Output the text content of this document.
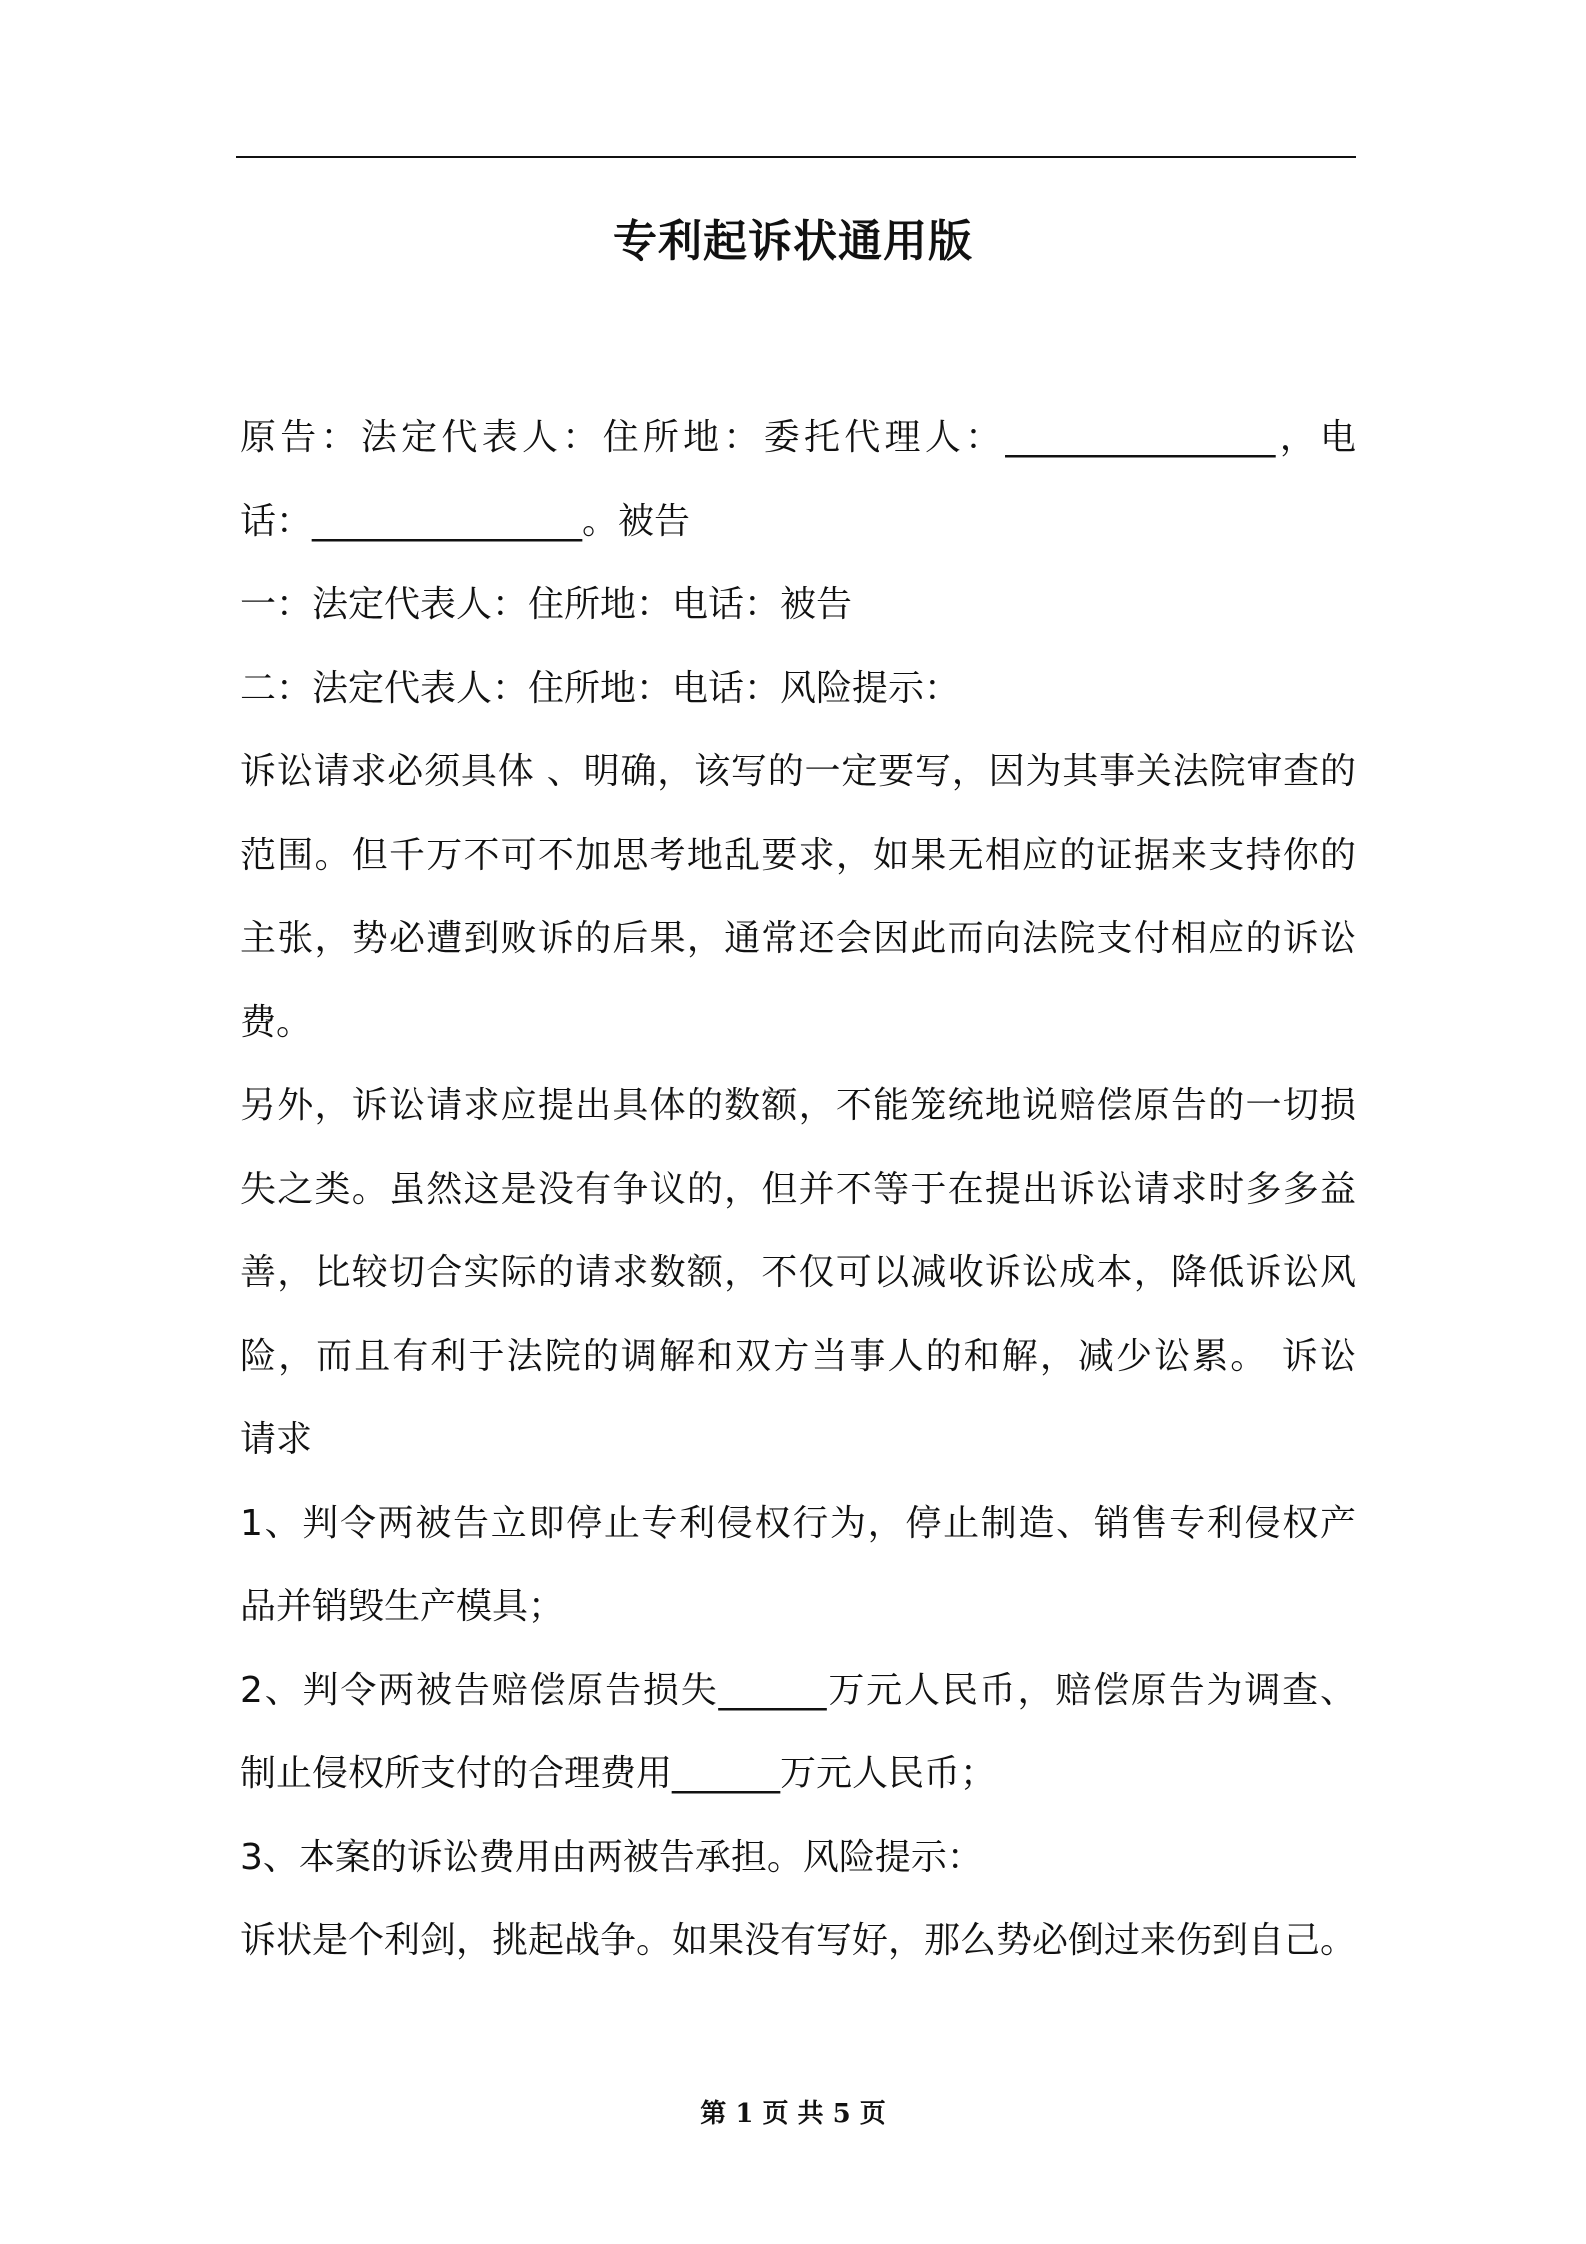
专利起诉状通用版
原告：法定代表人：住所地：委托代理人：_______________，电
话：_______________。被告
一：法定代表人：住所地：电话：被告
二：法定代表人：住所地：电话：风险提示：
诉讼请求必须具体 、明确，该写的一定要写，因为其事关法院审查的
范围。但千万不可不加思考地乱要求，如果无相应的证据来支持你的
主张，势必遭到败诉的后果，通常还会因此而向法院支付相应的诉讼
费。
另外，诉讼请求应提出具体的数额，不能笼统地说赔偿原告的一切损
失之类。虽然这是没有争议的，但并不等于在提出诉讼请求时多多益
善，比较切合实际的请求数额，不仅可以减收诉讼成本，降低诉讼风
险，而且有利于法院的调解和双方当事人的和解，减少讼累。 诉讼
请求
1、判令两被告立即停止专利侵权行为，停止制造、销售专利侵权产
品并销毁生产模具；
2、判令两被告赔偿原告损失______万元人民币，赔偿原告为调查、
制止侵权所支付的合理费用______万元人民币；
3、本案的诉讼费用由两被告承担。风险提示：
诉状是个利剑，挑起战争。如果没有写好，那么势必倒过来伤到自己。
第 1 页 共 5 页
